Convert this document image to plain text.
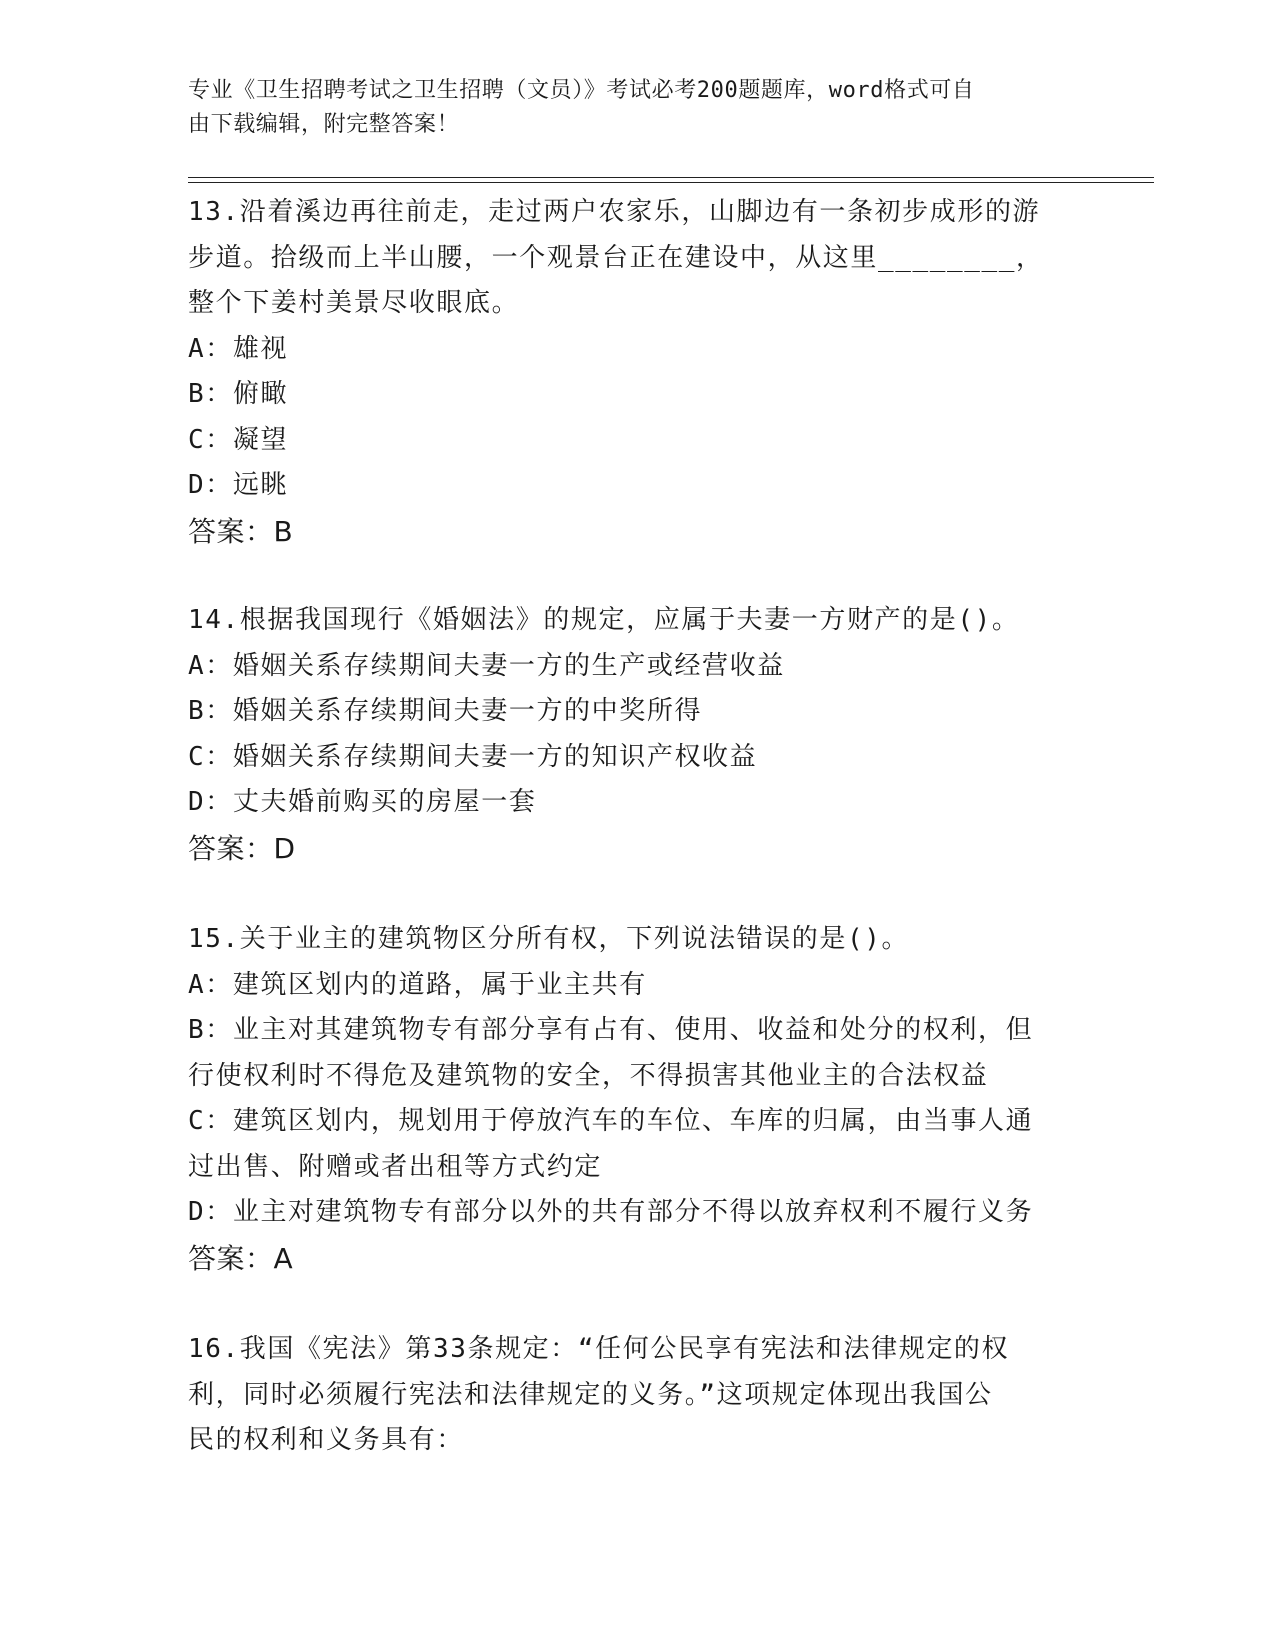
专业《卫生招聘考试之卫生招聘（文员）》考试必考200题题库，word格式可自
由下载编辑，附完整答案！
13.沿着溪边再往前走，走过两户农家乐，山脚边有一条初步成形的游
步道。拾级而上半山腰，一个观景台正在建设中，从这里________，
整个下姜村美景尽收眼底。
A：雄视
B：俯瞰
C：凝望
D：远眺
答案：B
14.根据我国现行《婚姻法》的规定，应属于夫妻一方财产的是()。
A：婚姻关系存续期间夫妻一方的生产或经营收益
B：婚姻关系存续期间夫妻一方的中奖所得
C：婚姻关系存续期间夫妻一方的知识产权收益
D：丈夫婚前购买的房屋一套
答案：D
15.关于业主的建筑物区分所有权，下列说法错误的是()。
A：建筑区划内的道路，属于业主共有
B：业主对其建筑物专有部分享有占有、使用、收益和处分的权利，但
行使权利时不得危及建筑物的安全，不得损害其他业主的合法权益
C：建筑区划内，规划用于停放汽车的车位、车库的归属，由当事人通
过出售、附赠或者出租等方式约定
D：业主对建筑物专有部分以外的共有部分不得以放弃权利不履行义务
答案：A
16.我国《宪法》第33条规定：“任何公民享有宪法和法律规定的权
利，同时必须履行宪法和法律规定的义务。”这项规定体现出我国公
民的权利和义务具有：
